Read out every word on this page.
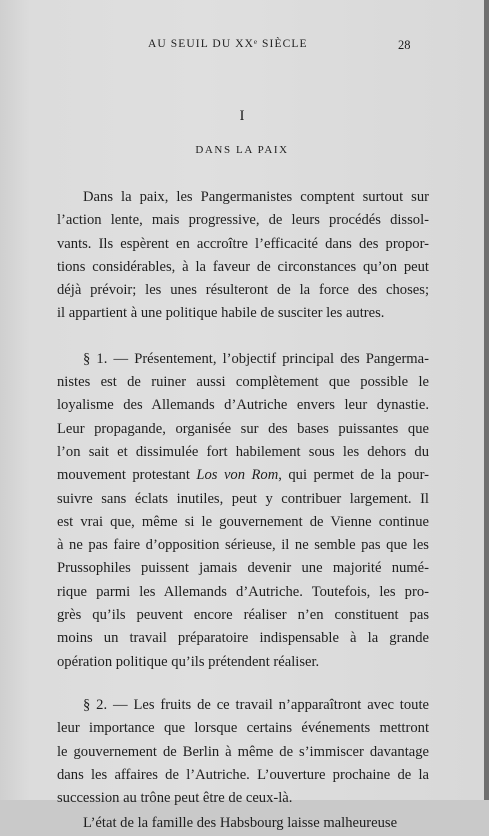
AU SEUIL DU XXᵉ SIÈCLE	28
I
DANS LA PAIX
Dans la paix, les Pangermanistes comptent surtout sur
l’action lente, mais progressive, de leurs procédés dissol-
vants. Ils espèrent en accroître l’efficacité dans des propor-
tions considérables, à la faveur de circonstances qu’on peut
déjà prévoir; les unes résulteront de la force des choses;
il appartient à une politique habile de susciter les autres.
§ 1. — Présentement, l’objectif principal des Pangerma-
nistes est de ruiner aussi complètement que possible le
loyalisme des Allemands d’Autriche envers leur dynastie.
Leur propagande, organisée sur des bases puissantes que
l’on sait et dissimulée fort habilement sous les dehors du
mouvement protestant Los von Rom, qui permet de la pour-
suivre sans éclats inutiles, peut y contribuer largement. Il
est vrai que, même si le gouvernement de Vienne continue
à ne pas faire d’opposition sérieuse, il ne semble pas que les
Prussophiles puissent jamais devenir une majorité numé-
rique parmi les Allemands d’Autriche. Toutefois, les pro-
grès qu’ils peuvent encore réaliser n’en constituent pas
moins un travail préparatoire indispensable à la grande
opération politique qu’ils prétendent réaliser.
§ 2. — Les fruits de ce travail n’apparaîtront avec toute
leur importance que lorsque certains événements mettront
le gouvernement de Berlin à même de s’immiscer davantage
dans les affaires de l’Autriche. L’ouverture prochaine de la
succession au trône peut être de ceux-là.
L’état de la famille des Habsbourg laisse malheureuse
